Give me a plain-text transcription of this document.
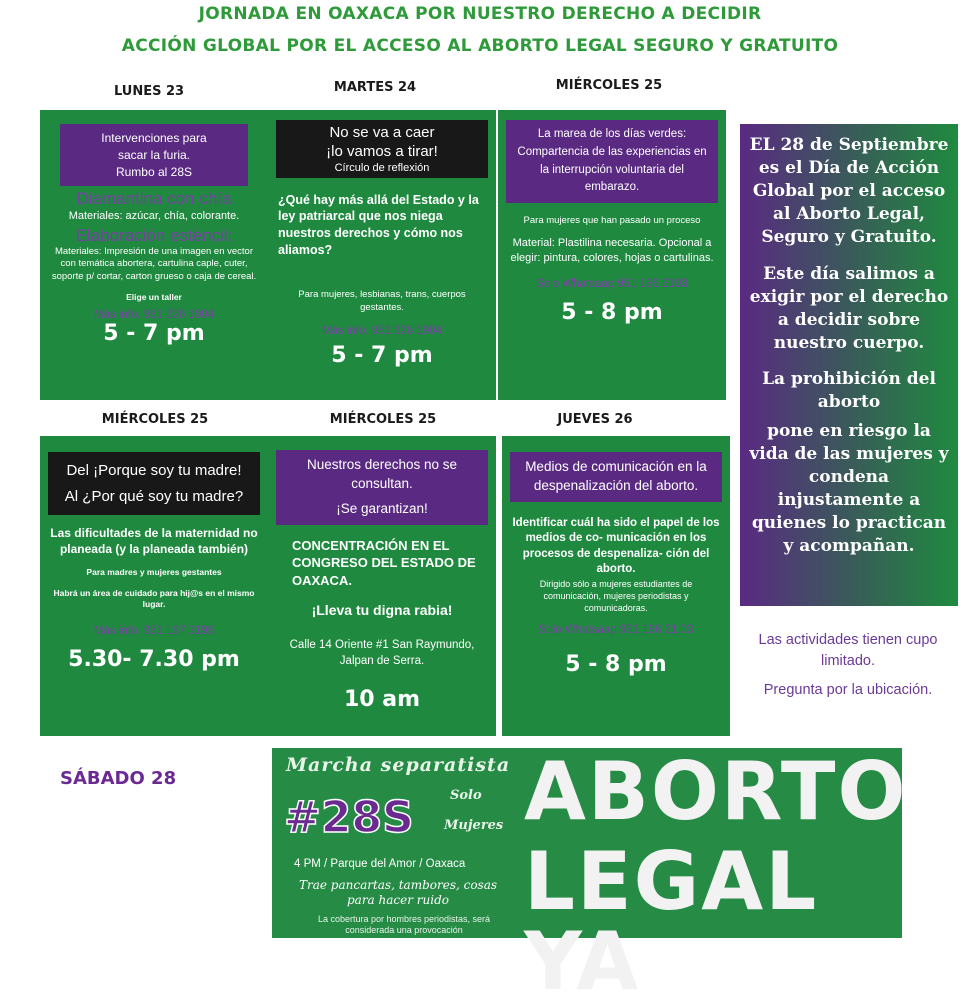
JORNADA EN OAXACA POR NUESTRO DERECHO A DECIDIR
ACCIÓN GLOBAL POR EL ACCESO AL ABORTO LEGAL SEGURO Y GRATUITO
LUNES 23	MARTES 24	MIÉRCOLES 25
Intervenciones para
sacar la furia.
Rumbo al 28S
Diamantina con chía
Materiales: azúcar, chía, colorante.
Elaboración esténcil:
Materiales: Impresión de una imagen en vector con temática abortera, cartulina caple, cuter, soporte p/ cortar, carton grueso o caja de cereal.
Elige un taller
Más info. 951 326 1904
5 - 7 pm
No se va a caer
¡lo vamos a tirar!
Círculo de reflexión
¿Qué hay más allá del Estado y la ley patriarcal que nos niega nuestros derechos y cómo nos aliamos?
Para mujeres, lesbianas, trans, cuerpos gestantes.
Más info. 951 326 1904
5 - 7 pm
La marea de los días verdes: Compartencia de las experiencias en la interrupción voluntaria del embarazo.
Para mujeres que han pasado un proceso
Material: Plastilina necesaria. Opcional a elegir: pintura, colores, hojas o cartulinas.
Solo Whatsaap 951 186 2103
5 - 8 pm
MIÉRCOLES 25	MIÉRCOLES 25	JUEVES 26
Del ¡Porque soy tu madre!
Al ¿Por qué soy tu madre?
Las dificultades de la maternidad no planeada (y la planeada también)
Para madres y mujeres gestantes
Habrá un área de cuidado para hij@s en el mismo lugar.
Más info. 951 187 3195
5.30- 7.30 pm
Nuestros derechos no se consultan.
¡Se garantizan!
CONCENTRACIÓN EN EL CONGRESO DEL ESTADO DE OAXACA.
¡Lleva tu digna rabia!
Calle 14 Oriente #1 San Raymundo, Jalpan de Serra.
10 am
Medios de comunicación en la despenalización del aborto.
Identificar cuál ha sido el papel de los medios de co- municación en los procesos de despenaliza- ción del aborto.
Dirigido sólo a mujeres estudiantes de comunicación, mujeres periodistas y comunicadoras.
Solo Whatsaap 951 186 21 03
5 - 8 pm

EL 28 de Septiembre es el Día de Acción Global por el acceso al Aborto Legal, Seguro y Gratuito.

Este día salimos a exigir por el derecho a decidir sobre nuestro cuerpo.

La prohibición del aborto

pone en riesgo la vida de las mujeres y condena injustamente a quienes lo practican y acompañan.

Las actividades tienen cupo limitado.
Pregunta por la ubicación.
SÁBADO 28
Marcha separatista
#28S	Solo
Mujeres
4 PM / Parque del Amor / Oaxaca
Trae pancartas, tambores, cosas para hacer ruido
La cobertura por hombres periodistas, será considerada una provocación
ABORTO
LEGAL YA
